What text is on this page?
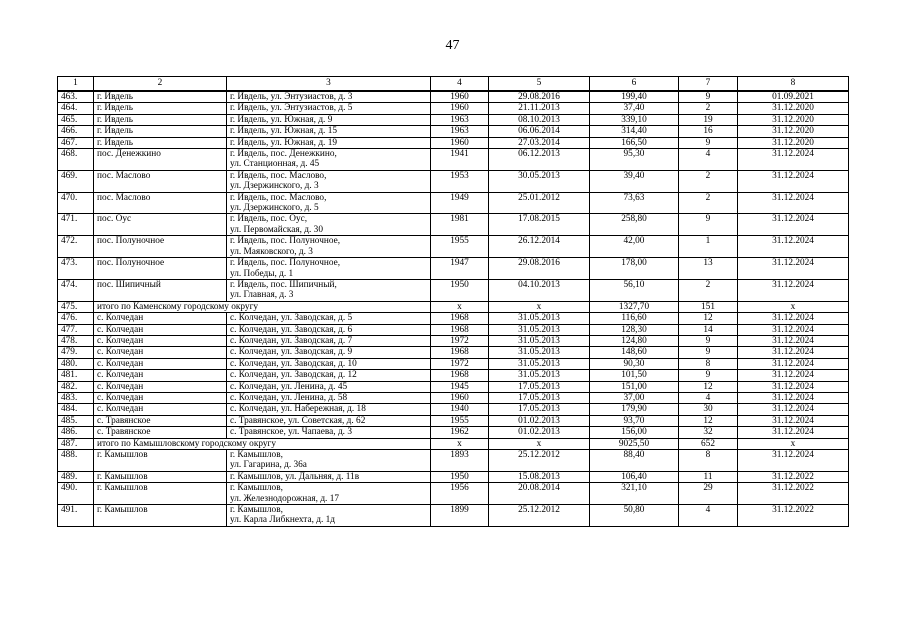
47
1	2	3	4	5	6	7	8
463.	г. Ивдель	г. Ивдель, ул. Энтузиастов, д. 3	1960	29.08.2016	199,40	9	01.09.2021
464.	г. Ивдель	г. Ивдель, ул. Энтузиастов, д. 5	1960	21.11.2013	37,40	2	31.12.2020
465.	г. Ивдель	г. Ивдель, ул. Южная, д. 9	1963	08.10.2013	339,10	19	31.12.2020
466.	г. Ивдель	г. Ивдель, ул. Южная, д. 15	1963	06.06.2014	314,40	16	31.12.2020
467.	г. Ивдель	г. Ивдель, ул. Южная, д. 19	1960	27.03.2014	166,50	9	31.12.2020
468.	пос. Денежкино	г. Ивдель, пос. Денежкино,
ул. Станционная, д. 45	1941	06.12.2013	95,30	4	31.12.2024
469.	пос. Маслово	г. Ивдель, пос. Маслово,
ул. Дзержинского, д. 3	1953	30.05.2013	39,40	2	31.12.2024
470.	пос. Маслово	г. Ивдель, пос. Маслово,
ул. Дзержинского, д. 5	1949	25.01.2012	73,63	2	31.12.2024
471.	пос. Оус	г. Ивдель, пос. Оус,
ул. Первомайская, д. 30	1981	17.08.2015	258,80	9	31.12.2024
472.	пос. Полуночное	г. Ивдель, пос. Полуночное,
ул. Маяковского, д. 3	1955	26.12.2014	42,00	1	31.12.2024
473.	пос. Полуночное	г. Ивдель, пос. Полуночное,
ул. Победы, д. 1	1947	29.08.2016	178,00	13	31.12.2024
474.	пос. Шипичный	г. Ивдель, пос. Шипичный,
ул. Главная, д. 3	1950	04.10.2013	56,10	2	31.12.2024
475.	итого по Каменскому городскому округу		x	x	1327,70	151	x
476.	с. Колчедан	с. Колчедан, ул. Заводская, д. 5	1968	31.05.2013	116,60	12	31.12.2024
477.	с. Колчедан	с. Колчедан, ул. Заводская, д. 6	1968	31.05.2013	128,30	14	31.12.2024
478.	с. Колчедан	с. Колчедан, ул. Заводская, д. 7	1972	31.05.2013	124,80	9	31.12.2024
479.	с. Колчедан	с. Колчедан, ул. Заводская, д. 9	1968	31.05.2013	148,60	9	31.12.2024
480.	с. Колчедан	с. Колчедан, ул. Заводская, д. 10	1972	31.05.2013	90,30	8	31.12.2024
481.	с. Колчедан	с. Колчедан, ул. Заводская, д. 12	1968	31.05.2013	101,50	9	31.12.2024
482.	с. Колчедан	с. Колчедан, ул. Ленина, д. 45	1945	17.05.2013	151,00	12	31.12.2024
483.	с. Колчедан	с. Колчедан, ул. Ленина, д. 58	1960	17.05.2013	37,00	4	31.12.2024
484.	с. Колчедан	с. Колчедан, ул. Набережная, д. 18	1940	17.05.2013	179,90	30	31.12.2024
485.	с. Травянское	с. Травянское, ул. Советская, д. 62	1955	01.02.2013	93,70	12	31.12.2024
486.	с. Травянское	с. Травянское, ул. Чапаева, д. 3	1962	01.02.2013	156,00	32	31.12.2024
487.	итого по Камышловскому городскому округу		x	x	9025,50	652	x
488.	г. Камышлов	г. Камышлов,
ул. Гагарина, д. 36а	1893	25.12.2012	88,40	8	31.12.2024
489.	г. Камышлов	г. Камышлов, ул. Дальняя, д. 11в	1950	15.08.2013	106,40	11	31.12.2022
490.	г. Камышлов	г. Камышлов,
ул. Железнодорожная, д. 17	1956	20.08.2014	321,10	29	31.12.2022
491.	г. Камышлов	г. Камышлов,
ул. Карла Либкнехта, д. 1д	1899	25.12.2012	50,80	4	31.12.2022
